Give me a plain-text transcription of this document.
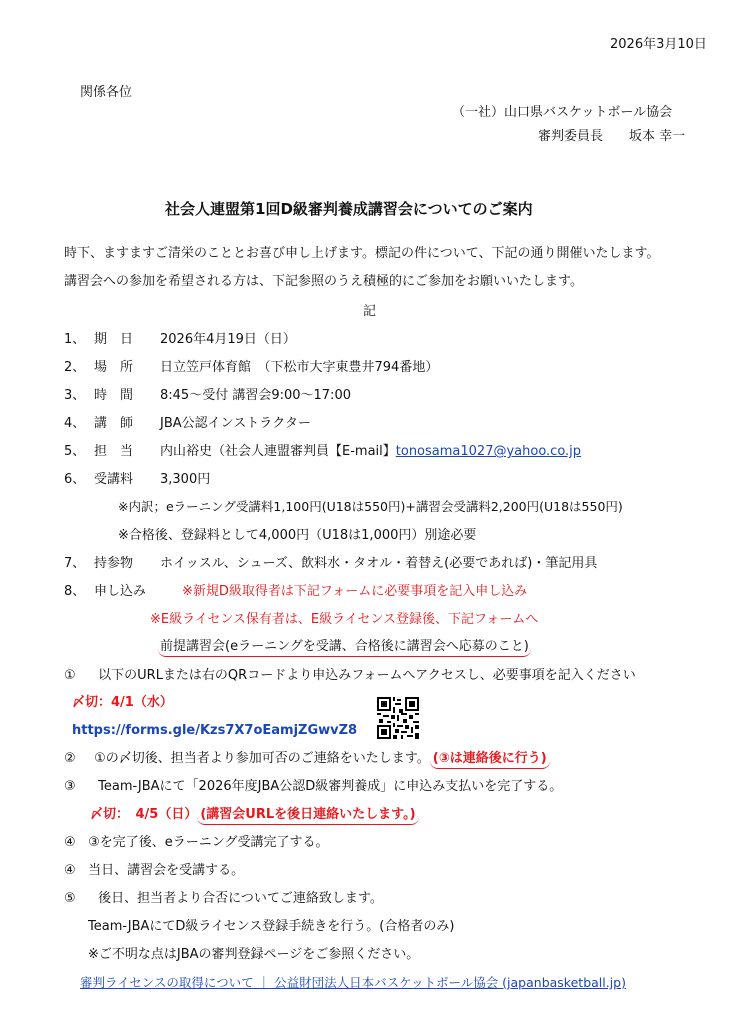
2026年3月10日
関係各位
（一社）山口県バスケットボール協会
審判委員長　　坂本 幸一
社会人連盟第1回D級審判養成講習会についてのご案内
時下、ますますご清栄のこととお喜び申し上げます。標記の件について、下記の通り開催いたします。
講習会への参加を希望される方は、下記参照のうえ積極的にご参加をお願いいたします。
記
1、 期　日	2026年4月19日（日）
2、 場　所	日立笠戸体育館　（下松市大字東豊井794番地）
3、 時　間	8:45～受付 講習会9:00～17:00
4、 講　師	JBA公認インストラクター
5、 担　当	内山裕史（社会人連盟審判員【E-mail】 tonosama1027@yahoo.co.jp
6、 受講料	3,300円
※内訳；eラーニング受講料1,100円(U18は550円)+講習会受講料2,200円(U18は550円)
※合格後、登録料として4,000円（U18は1,000円）別途必要
7、 持参物	ホイッスル、シューズ、飲料水・タオル・着替え(必要であれば)・筆記用具
8、 申し込み	※新規D級取得者は下記フォームに必要事項を記入申し込み
※E級ライセンス保有者は、E級ライセンス登録後、下記フォームへ
前提講習会(eラーニングを受講、合格後に講習会へ応募のこと)
① 以下のURLまたは右のQRコードより申込みフォームへアクセスし、必要事項を記入ください
〆切：4/1（水）
https://forms.gle/Kzs7X7oEamjZGwvZ8
② ①の〆切後、担当者より参加可否のご連絡をいたします。 (③は連絡後に行う)
③ Team-JBAにて「2026年度JBA公認D級審判養成」に申込み支払いを完了する。
〆切：　4/5（日） (講習会URLを後日連絡いたします。)
④ ③を完了後、eラーニング受講完了する。
④ 当日、講習会を受講する。
⑤ 後日、担当者より合否についてご連絡致します。
Team-JBAにてD級ライセンス登録手続きを行う。(合格者のみ)
※ご不明な点はJBAの審判登録ページをご参照ください。
審判ライセンスの取得について ｜ 公益財団法人日本バスケットボール協会 (japanbasketball.jp)
